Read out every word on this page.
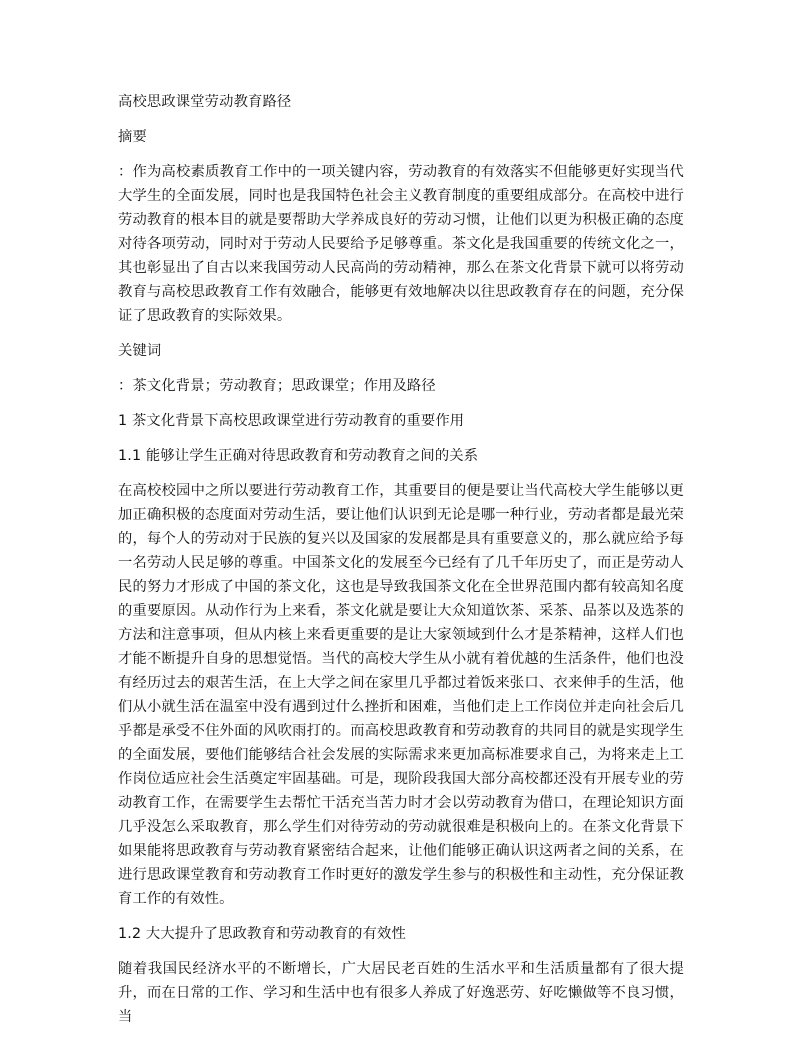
高校思政课堂劳动教育路径

摘要

：作为高校素质教育工作中的一项关键内容，劳动教育的有效落实不但能够更好实现当代大学生的全面发展，同时也是我国特色社会主义教育制度的重要组成部分。在高校中进行劳动教育的根本目的就是要帮助大学养成良好的劳动习惯，让他们以更为积极正确的态度对待各项劳动，同时对于劳动人民要给予足够尊重。茶文化是我国重要的传统文化之一，其也彰显出了自古以来我国劳动人民高尚的劳动精神，那么在茶文化背景下就可以将劳动教育与高校思政教育工作有效融合，能够更有效地解决以往思政教育存在的问题，充分保证了思政教育的实际效果。

关键词

：茶文化背景；劳动教育；思政课堂；作用及路径

1 茶文化背景下高校思政课堂进行劳动教育的重要作用

1.1 能够让学生正确对待思政教育和劳动教育之间的关系

在高校校园中之所以要进行劳动教育工作，其重要目的便是要让当代高校大学生能够以更加正确积极的态度面对劳动生活，要让他们认识到无论是哪一种行业，劳动者都是最光荣的，每个人的劳动对于民族的复兴以及国家的发展都是具有重要意义的，那么就应给予每一名劳动人民足够的尊重。中国茶文化的发展至今已经有了几千年历史了，而正是劳动人民的努力才形成了中国的茶文化，这也是导致我国茶文化在全世界范围内都有较高知名度的重要原因。从动作行为上来看，茶文化就是要让大众知道饮茶、采茶、品茶以及选茶的方法和注意事项，但从内核上来看更重要的是让大家领域到什么才是茶精神，这样人们也才能不断提升自身的思想觉悟。当代的高校大学生从小就有着优越的生活条件，他们也没有经历过去的艰苦生活，在上大学之间在家里几乎都过着饭来张口、衣来伸手的生活，他们从小就生活在温室中没有遇到过什么挫折和困难，当他们走上工作岗位并走向社会后几乎都是承受不住外面的风吹雨打的。而高校思政教育和劳动教育的共同目的就是实现学生的全面发展，要他们能够结合社会发展的实际需求来更加高标准要求自己，为将来走上工作岗位适应社会生活奠定牢固基础。可是，现阶段我国大部分高校都还没有开展专业的劳动教育工作，在需要学生去帮忙干活充当苦力时才会以劳动教育为借口，在理论知识方面几乎没怎么采取教育，那么学生们对待劳动的劳动就很难是积极向上的。在茶文化背景下如果能将思政教育与劳动教育紧密结合起来，让他们能够正确认识这两者之间的关系，在进行思政课堂教育和劳动教育工作时更好的激发学生参与的积极性和主动性，充分保证教育工作的有效性。

1.2 大大提升了思政教育和劳动教育的有效性

随着我国民经济水平的不断增长，广大居民老百姓的生活水平和生活质量都有了很大提升，而在日常的工作、学习和生活中也有很多人养成了好逸恶劳、好吃懒做等不良习惯，当
